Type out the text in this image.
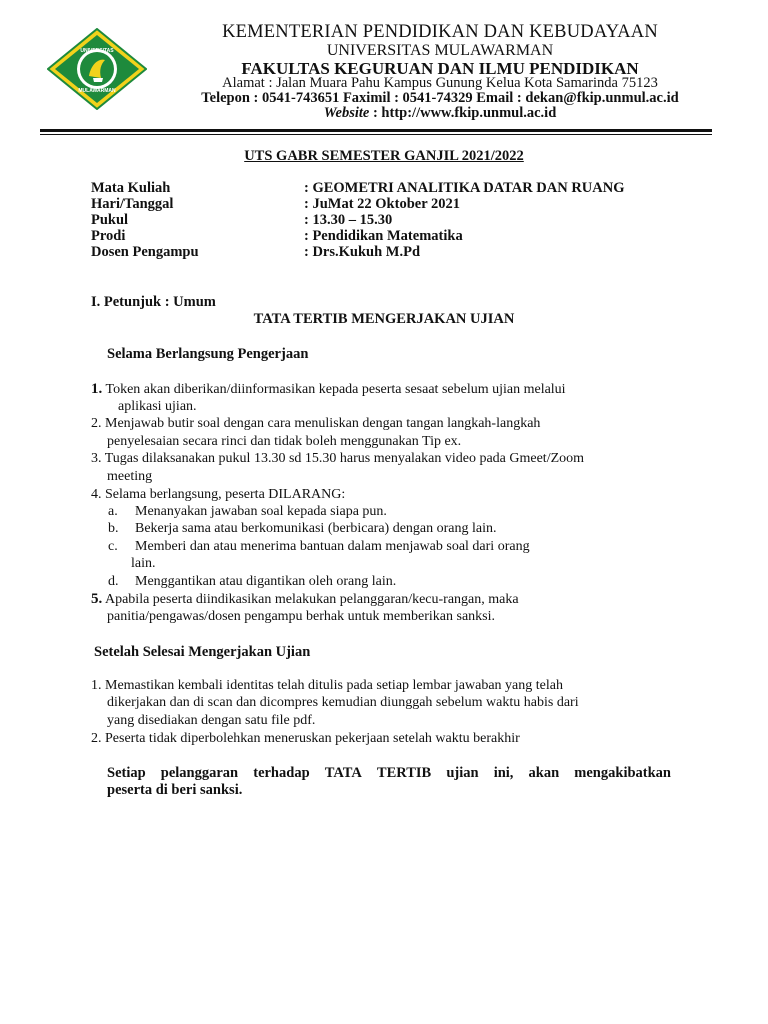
UNIVERSITAS
MULAWARMAN
KEMENTERIAN PENDIDIKAN DAN KEBUDAYAAN
UNIVERSITAS MULAWARMAN
FAKULTAS KEGURUAN DAN ILMU PENDIDIKAN
Alamat : Jalan Muara Pahu Kampus Gunung Kelua Kota Samarinda 75123
Telepon : 0541-743651 Faximil : 0541-74329 Email : dekan@fkip.unmul.ac.id
Website : http://www.fkip.unmul.ac.id
UTS GABR SEMESTER GANJIL 2021/2022
Mata Kuliah	: GEOMETRI ANALITIKA DATAR DAN RUANG
Hari/Tanggal	: JuMat 22 Oktober 2021
Pukul	: 13.30 – 15.30
Prodi	: Pendidikan Matematika
Dosen Pengampu	: Drs.Kukuh M.Pd
I. Petunjuk : Umum
TATA TERTIB MENGERJAKAN UJIAN
Selama Berlangsung Pengerjaan
1. Token akan diberikan/diinformasikan kepada peserta sesaat sebelum ujian melalui
aplikasi ujian.
2. Menjawab butir soal dengan cara menuliskan dengan tangan langkah-langkah
penyelesaian secara rinci dan tidak boleh menggunakan Tip ex.
3. Tugas dilaksanakan pukul 13.30 sd 15.30 harus menyalakan video pada Gmeet/Zoom
meeting
4. Selama berlangsung, peserta DILARANG:
a. Menanyakan jawaban soal kepada siapa pun.
b. Bekerja sama atau berkomunikasi (berbicara) dengan orang lain.
c. Memberi dan atau menerima bantuan dalam menjawab soal dari orang
lain.
d. Menggantikan atau digantikan oleh orang lain.
5. Apabila peserta diindikasikan melakukan pelanggaran/kecu-rangan, maka
panitia/pengawas/dosen pengampu berhak untuk memberikan sanksi.
Setelah Selesai Mengerjakan Ujian
1. Memastikan kembali identitas telah ditulis pada setiap lembar jawaban yang telah
dikerjakan dan di scan dan dicompres kemudian diunggah sebelum waktu habis dari
yang disediakan dengan satu file pdf.
2. Peserta tidak diperbolehkan meneruskan pekerjaan setelah waktu berakhir
Setiap pelanggaran terhadap TATA TERTIB ujian ini, akan mengakibatkan
peserta di beri sanksi.
